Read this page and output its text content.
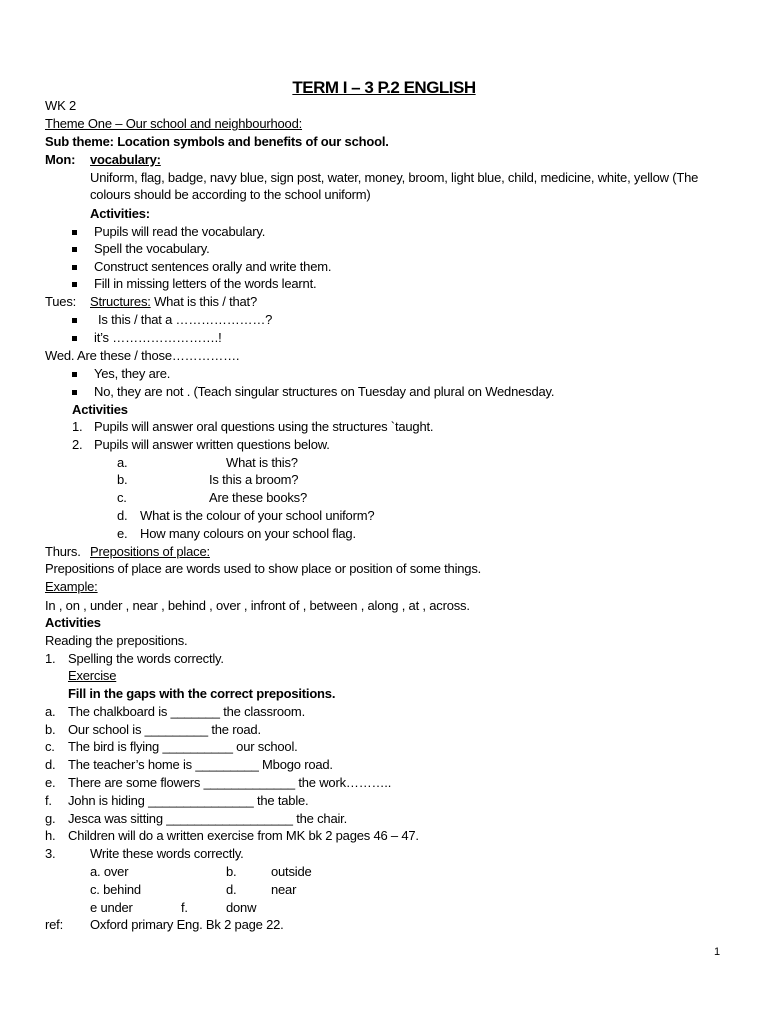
TERM I – 3 P.2 ENGLISH
WK 2
Theme One – Our school and neighbourhood:
Sub theme: Location symbols and benefits of our school.
Mon: vocabulary:
Uniform, flag, badge, navy blue, sign post, water, money, broom, light blue, child, medicine, white, yellow (The
colours should be according to the school uniform)
Activities:
Pupils will read the vocabulary.
Spell the vocabulary.
Construct sentences orally and write them.
Fill in missing letters of the words learnt.
Tues: Structures: What is this / that?
Is this / that a …………………?
it’s …………………….!
Wed. Are these / those…………….
Yes, they are.
No, they are not . (Teach singular structures on Tuesday and plural on Wednesday.
Activities
1. Pupils will answer oral questions using the structures `taught.
2. Pupils will answer written questions below.
a.	What is this?
b.	Is this a broom?
c.	Are these books?
d. What is the colour of your school uniform?
e. How many colours on your school flag.
Thurs. Prepositions of place:
Prepositions of place are words used to show place or position of some things.
Example:
In , on , under , near , behind , over , infront of , between , along , at , across.
Activities
Reading the prepositions.
1. Spelling the words correctly.
Exercise
Fill in the gaps with the correct prepositions.
a. The chalkboard is _______ the classroom.
b. Our school is _________ the road.
c. The bird is flying __________ our school.
d. The teacher’s home is _________ Mbogo road.
e. There are some flowers _____________ the work………..
f. John is hiding _______________ the table.
g. Jesca was sitting __________________ the chair.
h. Children will do a written exercise from MK bk 2 pages 46 – 47.
3.	Write these words correctly.
a. over	b.	outside
c. behind	d.	near
e under	f.	donw
ref: Oxford primary Eng. Bk 2 page 22.
1
